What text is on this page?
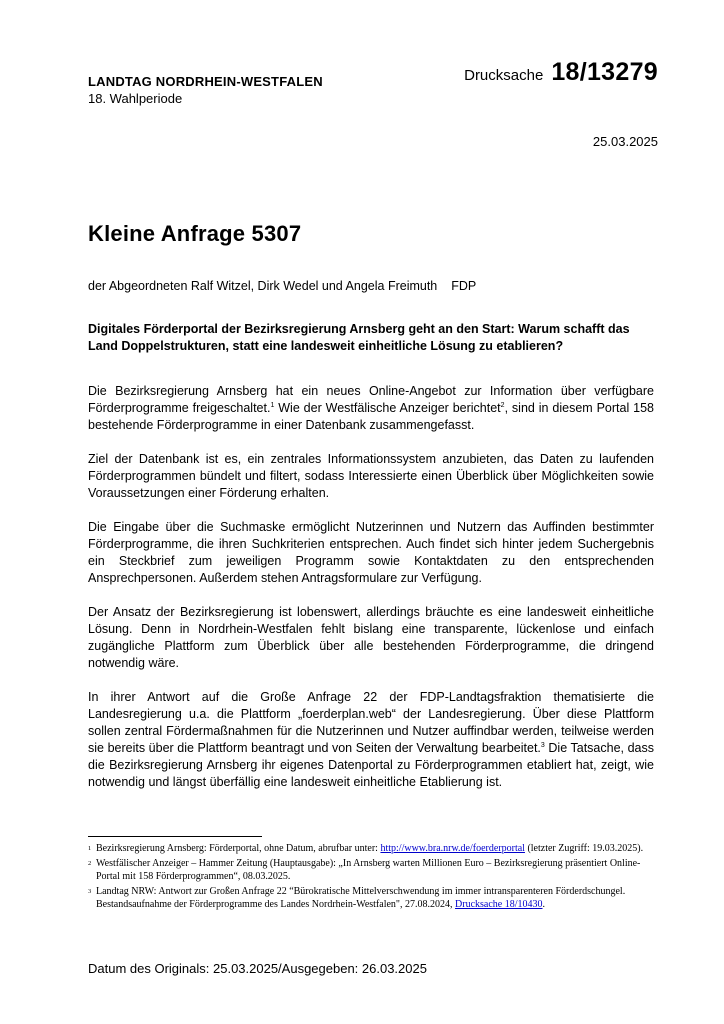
LANDTAG NORDRHEIN-WESTFALEN
18. Wahlperiode
Drucksache 18/13279
25.03.2025
Kleine Anfrage 5307
der Abgeordneten Ralf Witzel, Dirk Wedel und Angela Freimuth FDP
Digitales Förderportal der Bezirksregierung Arnsberg geht an den Start: Warum schafft das Land Doppelstrukturen, statt eine landesweit einheitliche Lösung zu etablieren?

Die Bezirksregierung Arnsberg hat ein neues Online-Angebot zur Information über verfügbare Förderprogramme freigeschaltet.$^1$ Wie der Westfälische Anzeiger berichtet$^2$, sind in diesem Portal 158 bestehende Förderprogramme in einer Datenbank zusammengefasst.

Ziel der Datenbank ist es, ein zentrales Informationssystem anzubieten, das Daten zu laufenden Förderprogrammen bündelt und filtert, sodass Interessierte einen Überblick über Möglichkeiten sowie Voraussetzungen einer Förderung erhalten.

Die Eingabe über die Suchmaske ermöglicht Nutzerinnen und Nutzern das Auffinden bestimmter Förderprogramme, die ihren Suchkriterien entsprechen. Auch findet sich hinter jedem Suchergebnis ein Steckbrief zum jeweiligen Programm sowie Kontaktdaten zu den entsprechenden Ansprechpersonen. Außerdem stehen Antragsformulare zur Verfügung.

Der Ansatz der Bezirksregierung ist lobenswert, allerdings bräuchte es eine landesweit einheitliche Lösung. Denn in Nordrhein-Westfalen fehlt bislang eine transparente, lückenlose und einfach zugängliche Plattform zum Überblick über alle bestehenden Förderprogramme, die dringend notwendig wäre.

In ihrer Antwort auf die Große Anfrage 22 der FDP-Landtagsfraktion thematisierte die Landesregierung u.a. die Plattform „foerderplan.web“ der Landesregierung. Über diese Plattform sollen zentral Fördermaßnahmen für die Nutzerinnen und Nutzer auffindbar werden, teilweise werden sie bereits über die Plattform beantragt und von Seiten der Verwaltung bearbeitet.$^3$ Die Tatsache, dass die Bezirksregierung Arnsberg ihr eigenes Datenportal zu Förderprogrammen etabliert hat, zeigt, wie notwendig und längst überfällig eine landesweit einheitliche Etablierung ist.

1 Bezirksregierung Arnsberg: Förderportal, ohne Datum, abrufbar unter: http://www.bra.nrw.de/foerderportal (letzter Zugriff: 19.03.2025).
2 Westfälischer Anzeiger – Hammer Zeitung (Hauptausgabe): „In Arnsberg warten Millionen Euro – Bezirksregierung präsentiert Online-Portal mit 158 Förderprogrammen“, 08.03.2025.
3 Landtag NRW: Antwort zur Großen Anfrage 22 “Bürokratische Mittelverschwendung im immer intransparenteren Förderdschungel. Bestandsaufnahme der Förderprogramme des Landes Nordrhein-Westfalen", 27.08.2024, Drucksache 18/10430.
Datum des Originals: 25.03.2025/Ausgegeben: 26.03.2025
